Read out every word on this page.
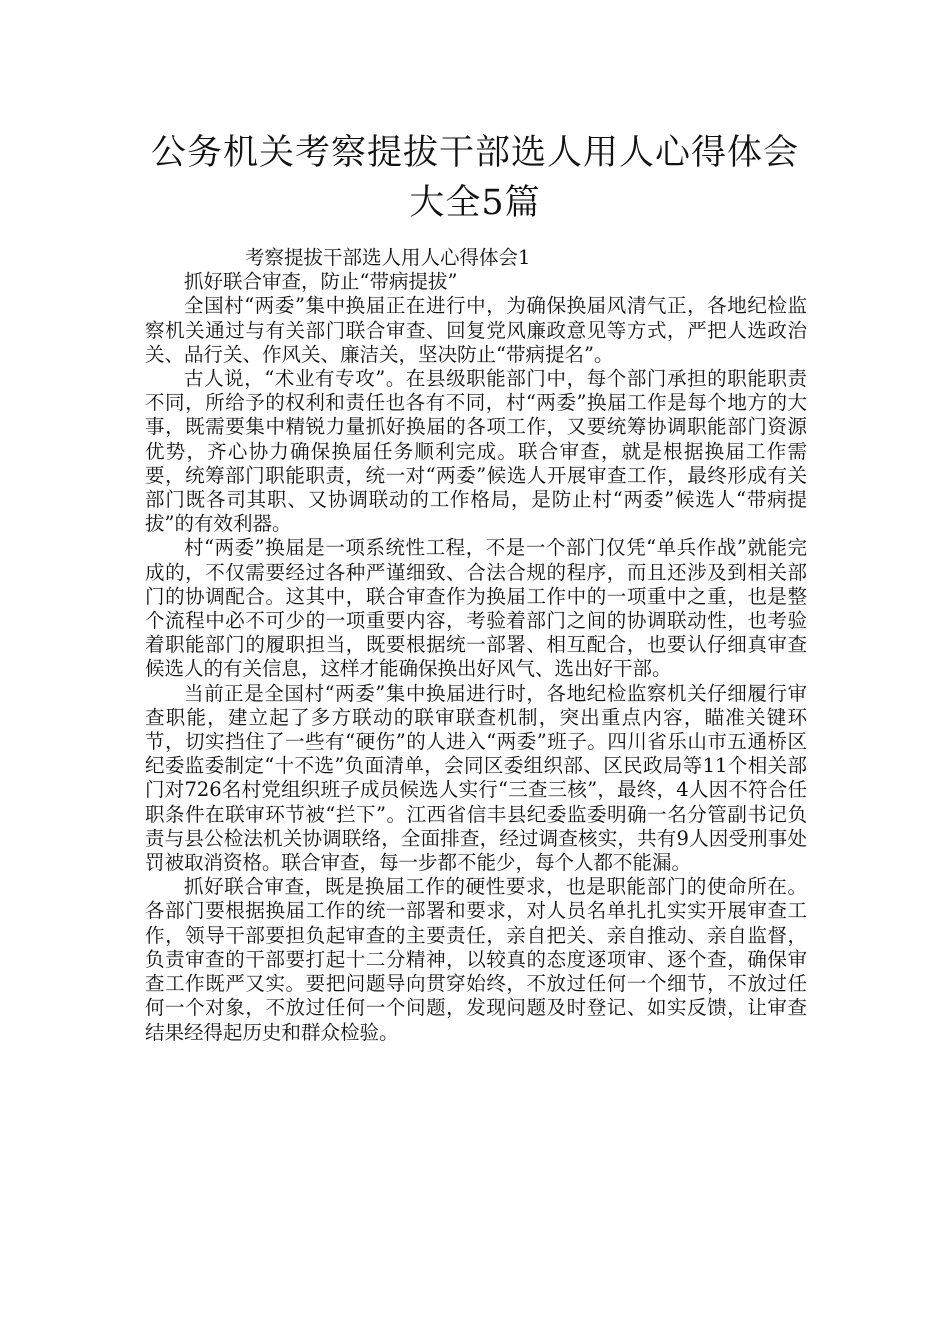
公务机关考察提拔干部选人用人心得体会
大全5篇

考察提拔干部选人用人心得体会1

抓好联合审查，防止“带病提拔”

全国村“两委”集中换届正在进行中，为确保换届风清气正，各地纪检监察机关通过与有关部门联合审查、回复党风廉政意见等方式，严把人选政治关、品行关、作风关、廉洁关，坚决防止“带病提名”。

古人说，“术业有专攻”。在县级职能部门中，每个部门承担的职能职责不同，所给予的权利和责任也各有不同，村“两委”换届工作是每个地方的大事，既需要集中精锐力量抓好换届的各项工作，又要统筹协调职能部门资源优势，齐心协力确保换届任务顺利完成。联合审查，就是根据换届工作需要，统筹部门职能职责，统一对“两委”候选人开展审查工作，最终形成有关部门既各司其职、又协调联动的工作格局，是防止村“两委”候选人“带病提拔”的有效利器。

村“两委”换届是一项系统性工程，不是一个部门仅凭“单兵作战”就能完成的，不仅需要经过各种严谨细致、合法合规的程序，而且还涉及到相关部门的协调配合。这其中，联合审查作为换届工作中的一项重中之重，也是整个流程中必不可少的一项重要内容，考验着部门之间的协调联动性，也考验着职能部门的履职担当，既要根据统一部署、相互配合，也要认仔细真审查候选人的有关信息，这样才能确保换出好风气、选出好干部。

当前正是全国村“两委”集中换届进行时，各地纪检监察机关仔细履行审查职能，建立起了多方联动的联审联查机制，突出重点内容，瞄准关键环节，切实挡住了一些有“硬伤”的人进入“两委”班子。四川省乐山市五通桥区纪委监委制定“十不选”负面清单，会同区委组织部、区民政局等11个相关部门对726名村党组织班子成员候选人实行“三查三核”，最终，4人因不符合任职条件在联审环节被“拦下”。江西省信丰县纪委监委明确一名分管副书记负责与县公检法机关协调联络，全面排查，经过调查核实，共有9人因受刑事处罚被取消资格。联合审查，每一步都不能少，每个人都不能漏。

抓好联合审查，既是换届工作的硬性要求，也是职能部门的使命所在。各部门要根据换届工作的统一部署和要求，对人员名单扎扎实实开展审查工作，领导干部要担负起审查的主要责任，亲自把关、亲自推动、亲自监督，负责审查的干部要打起十二分精神，以较真的态度逐项审、逐个查，确保审查工作既严又实。要把问题导向贯穿始终，不放过任何一个细节，不放过任何一个对象，不放过任何一个问题，发现问题及时登记、如实反馈，让审查结果经得起历史和群众检验。
